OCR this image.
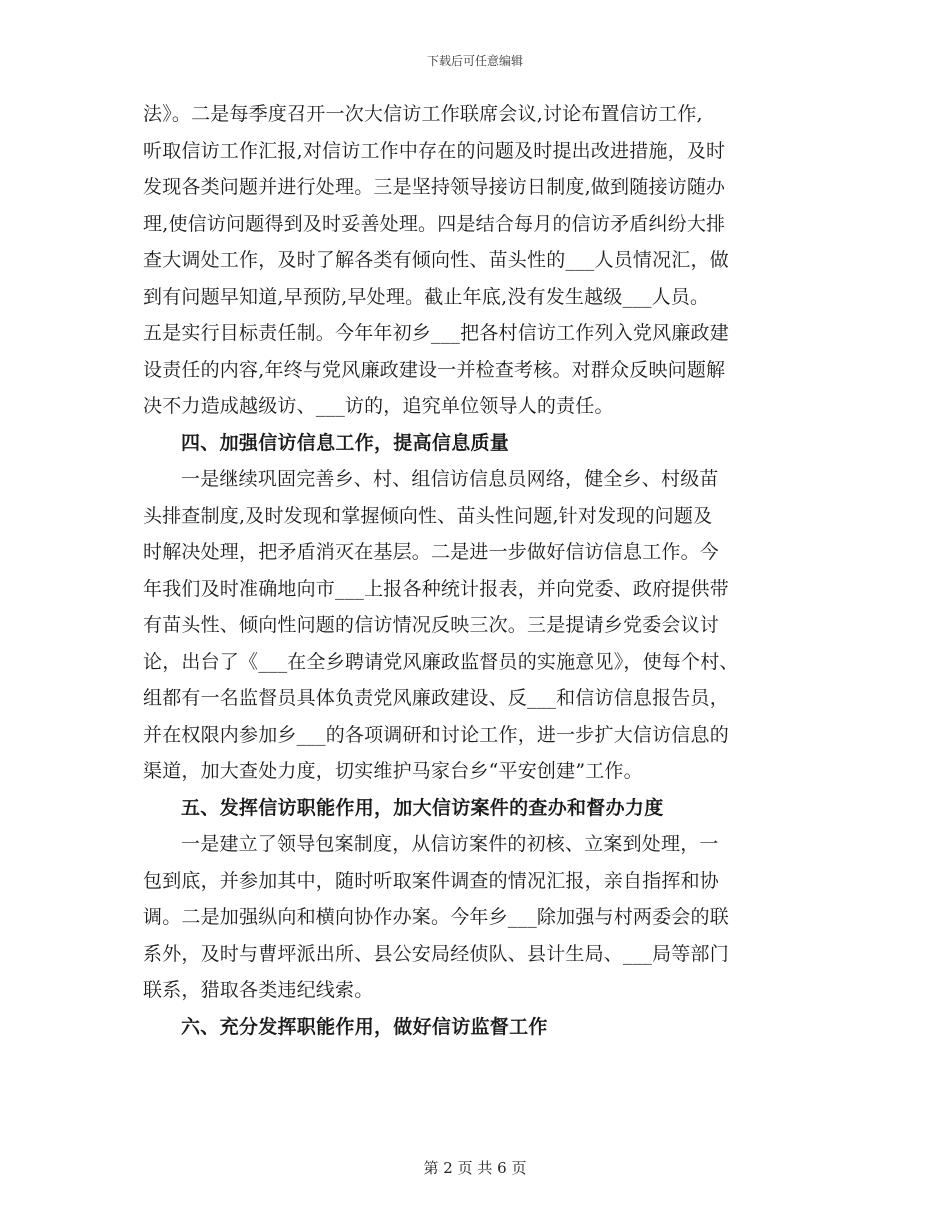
下载后可任意编辑
法》。二是每季度召开一次大信访工作联席会议,讨论布置信访工作,
听取信访工作汇报,对信访工作中存在的问题及时提出改进措施，及时
发现各类问题并进行处理。三是坚持领导接访日制度,做到随接访随办
理,使信访问题得到及时妥善处理。四是结合每月的信访矛盾纠纷大排
查大调处工作，及时了解各类有倾向性、苗头性的___人员情况汇，做
到有问题早知道,早预防,早处理。截止年底,没有发生越级___人员。
五是实行目标责任制。今年年初乡___把各村信访工作列入党风廉政建
设责任的内容,年终与党风廉政建设一并检查考核。对群众反映问题解
决不力造成越级访、___访的，追究单位领导人的责任。
四、加强信访信息工作，提高信息质量
一是继续巩固完善乡、村、组信访信息员网络，健全乡、村级苗
头排查制度,及时发现和掌握倾向性、苗头性问题,针对发现的问题及
时解决处理，把矛盾消灭在基层。二是进一步做好信访信息工作。今
年我们及时准确地向市___上报各种统计报表，并向党委、政府提供带
有苗头性、倾向性问题的信访情况反映三次。三是提请乡党委会议讨
论，出台了《___在全乡聘请党风廉政监督员的实施意见》，使每个村、
组都有一名监督员具体负责党风廉政建设、反___和信访信息报告员，
并在权限内参加乡___的各项调研和讨论工作，进一步扩大信访信息的
渠道，加大查处力度，切实维护马家台乡“平安创建”工作。
五、发挥信访职能作用，加大信访案件的查办和督办力度
一是建立了领导包案制度，从信访案件的初核、立案到处理，一
包到底，并参加其中，随时听取案件调查的情况汇报，亲自指挥和协
调。二是加强纵向和横向协作办案。今年乡___除加强与村两委会的联
系外，及时与曹坪派出所、县公安局经侦队、县计生局、___局等部门
联系，猎取各类违纪线索。
六、充分发挥职能作用，做好信访监督工作
第 2 页 共 6 页
